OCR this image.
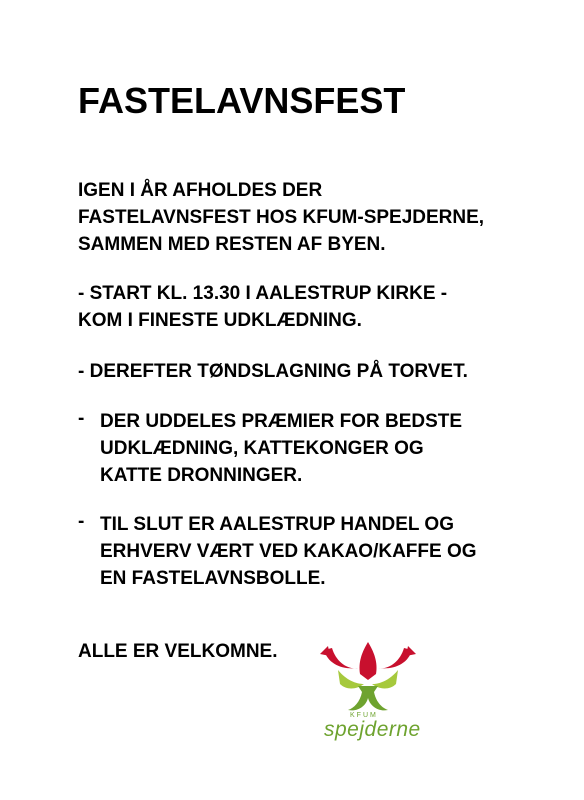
FASTELAVNSFEST
IGEN I ÅR AFHOLDES DER
FASTELAVNSFEST HOS KFUM-SPEJDERNE,
SAMMEN MED RESTEN AF BYEN.
- START KL. 13.30 I AALESTRUP KIRKE -
KOM I FINESTE UDKLÆDNING.
- DEREFTER TØNDSLAGNING PÅ TORVET.
- DER UDDELES PRÆMIER FOR BEDSTE
UDKLÆDNING, KATTEKONGER OG
KATTE DRONNINGER.
- TIL SLUT ER AALESTRUP HANDEL OG
ERHVERV VÆRT VED KAKAO/KAFFE OG
EN FASTELAVNSBOLLE.
ALLE ER VELKOMNE.
KFUM
spejderne
